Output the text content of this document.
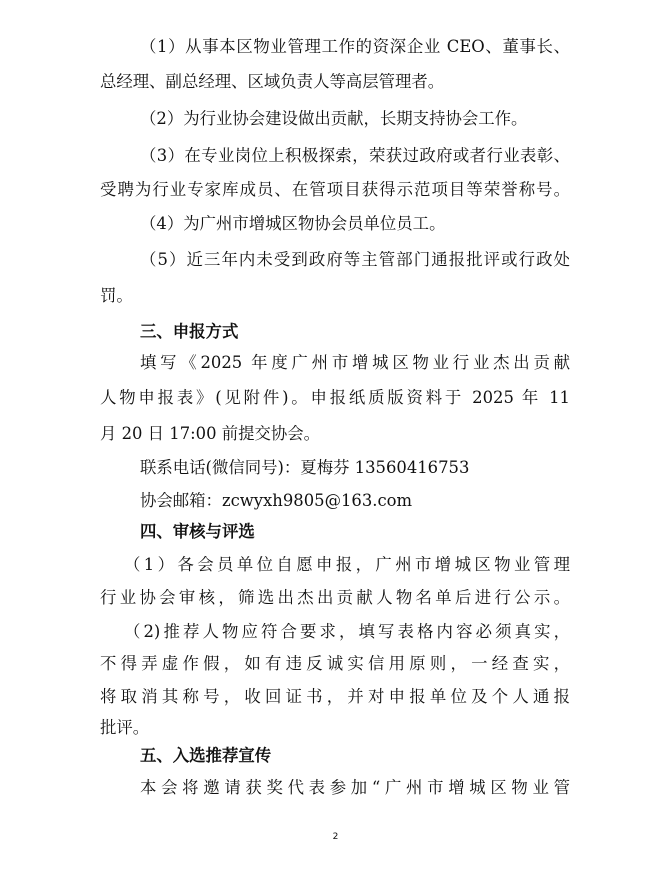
（1）从事本区物业管理工作的资深企业 CEO、董事长、
总经理、副总经理、区域负责人等高层管理者。
（2）为行业协会建设做出贡献，长期支持协会工作。
（3）在专业岗位上积极探索，荣获过政府或者行业表彰、
受聘为行业专家库成员、在管项目获得示范项目等荣誉称号。
（4）为广州市增城区物协会员单位员工。
（5）近三年内未受到政府等主管部门通报批评或行政处
罚。
三、申报方式
填写《2025 年度广州市增城区物业行业杰出贡献
人物申报表》(见附件)。申报纸质版资料于 2025 年 11
月 20 日 17:00 前提交协会。
联系电话(微信同号)：夏梅芬 13560416753
协会邮箱：zcwyxh9805@163.com
四、审核与评选
（1）各会员单位自愿申报，广州市增城区物业管理
行业协会审核，筛选出杰出贡献人物名单后进行公示。
（2)推荐人物应符合要求，填写表格内容必须真实，
不得弄虚作假，如有违反诚实信用原则，一经查实，
将取消其称号，收回证书，并对申报单位及个人通报
批评。
五、入选推荐宣传
本会将邀请获奖代表参加“广州市增城区物业管
2
